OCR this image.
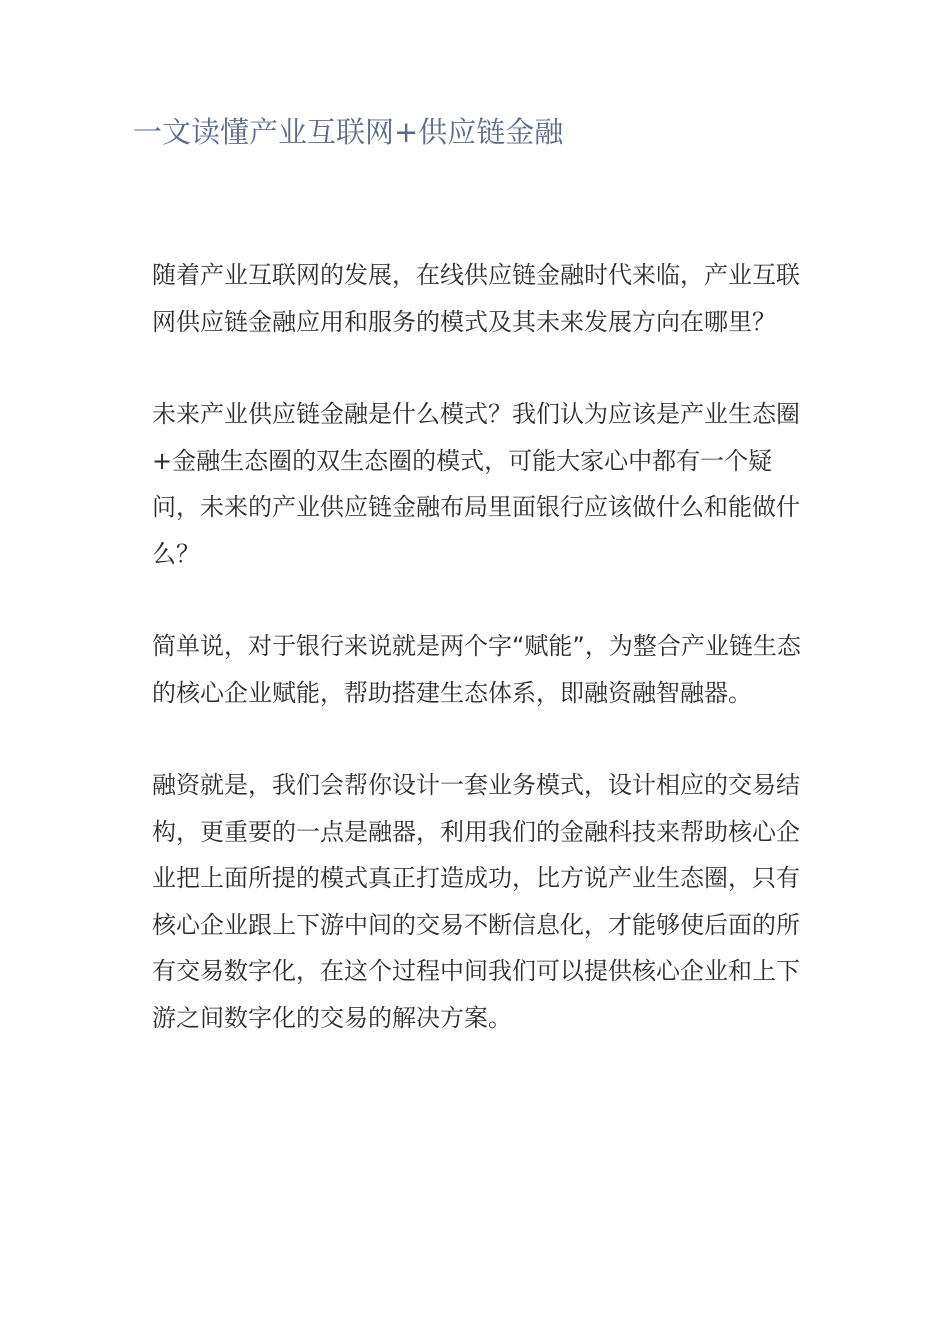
一文读懂产业互联网+供应链金融

随着产业互联网的发展，在线供应链金融时代来临，产业互联网供应链金融应用和服务的模式及其未来发展方向在哪里？

未来产业供应链金融是什么模式？我们认为应该是产业生态圈+金融生态圈的双生态圈的模式，可能大家心中都有一个疑问，未来的产业供应链金融布局里面银行应该做什么和能做什么？

简单说，对于银行来说就是两个字“赋能”，为整合产业链生态的核心企业赋能，帮助搭建生态体系，即融资融智融器。

融资就是，我们会帮你设计一套业务模式，设计相应的交易结构，更重要的一点是融器，利用我们的金融科技来帮助核心企业把上面所提的模式真正打造成功，比方说产业生态圈，只有核心企业跟上下游中间的交易不断信息化，才能够使后面的所有交易数字化，在这个过程中间我们可以提供核心企业和上下游之间数字化的交易的解决方案。
